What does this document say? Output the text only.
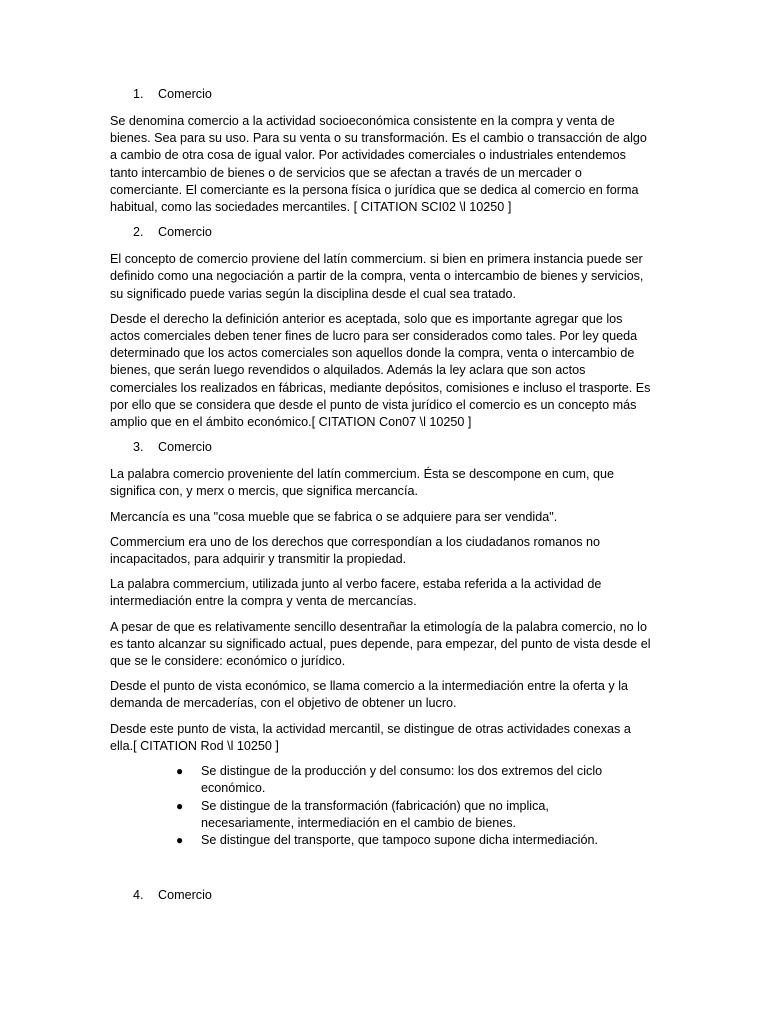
1.	Comercio

Se denomina comercio a la actividad socioeconómica consistente en la compra y venta de bienes. Sea para su uso. Para su venta o su transformación. Es el cambio o transacción de algo a cambio de otra cosa de igual valor. Por actividades comerciales o industriales entendemos tanto intercambio de bienes o de servicios que se afectan a través de un mercader o comerciante. El comerciante es la persona física o jurídica que se dedica al comercio en forma habitual, como las sociedades mercantiles. [ CITATION SCI02 \l 10250 ]

2.	Comercio

El concepto de comercio proviene del latín commercium. si bien en primera instancia puede ser definido como una negociación a partir de la compra, venta o intercambio de bienes y servicios, su significado puede varias según la disciplina desde el cual sea tratado.

Desde el derecho la definición anterior es aceptada, solo que es importante agregar que los actos comerciales deben tener fines de lucro para ser considerados como tales. Por ley queda determinado que los actos comerciales son aquellos donde la compra, venta o intercambio de bienes, que serán luego revendidos o alquilados. Además la ley aclara que son actos comerciales los realizados en fábricas, mediante depósitos, comisiones e incluso el trasporte. Es por ello que se considera que desde el punto de vista jurídico el comercio es un concepto más amplio que en el ámbito económico.[ CITATION Con07 \l 10250 ]

3.	Comercio

La palabra comercio proveniente del latín commercium. Ésta se descompone en cum, que significa con, y merx o mercis, que significa mercancía.

Mercancía es una "cosa mueble que se fabrica o se adquiere para ser vendida".

Commercium era uno de los derechos que correspondían a los ciudadanos romanos no incapacitados, para adquirir y transmitir la propiedad.

La palabra commercium, utilizada junto al verbo facere, estaba referida a la actividad de intermediación entre la compra y venta de mercancías.

A pesar de que es relativamente sencillo desentrañar la etimología de la palabra comercio, no lo es tanto alcanzar su significado actual, pues depende, para empezar, del punto de vista desde el que se le considere: económico o jurídico.

Desde el punto de vista económico, se llama comercio a la intermediación entre la oferta y la demanda de mercaderías, con el objetivo de obtener un lucro.

Desde este punto de vista, la actividad mercantil, se distingue de otras actividades conexas a ella.[ CITATION Rod \l 10250 ]

● Se distingue de la producción y del consumo: los dos extremos del ciclo económico.
● Se distingue de la transformación (fabricación) que no implica, necesariamente, intermediación en el cambio de bienes.
● Se distingue del transporte, que tampoco supone dicha intermediación.
4.	Comercio
